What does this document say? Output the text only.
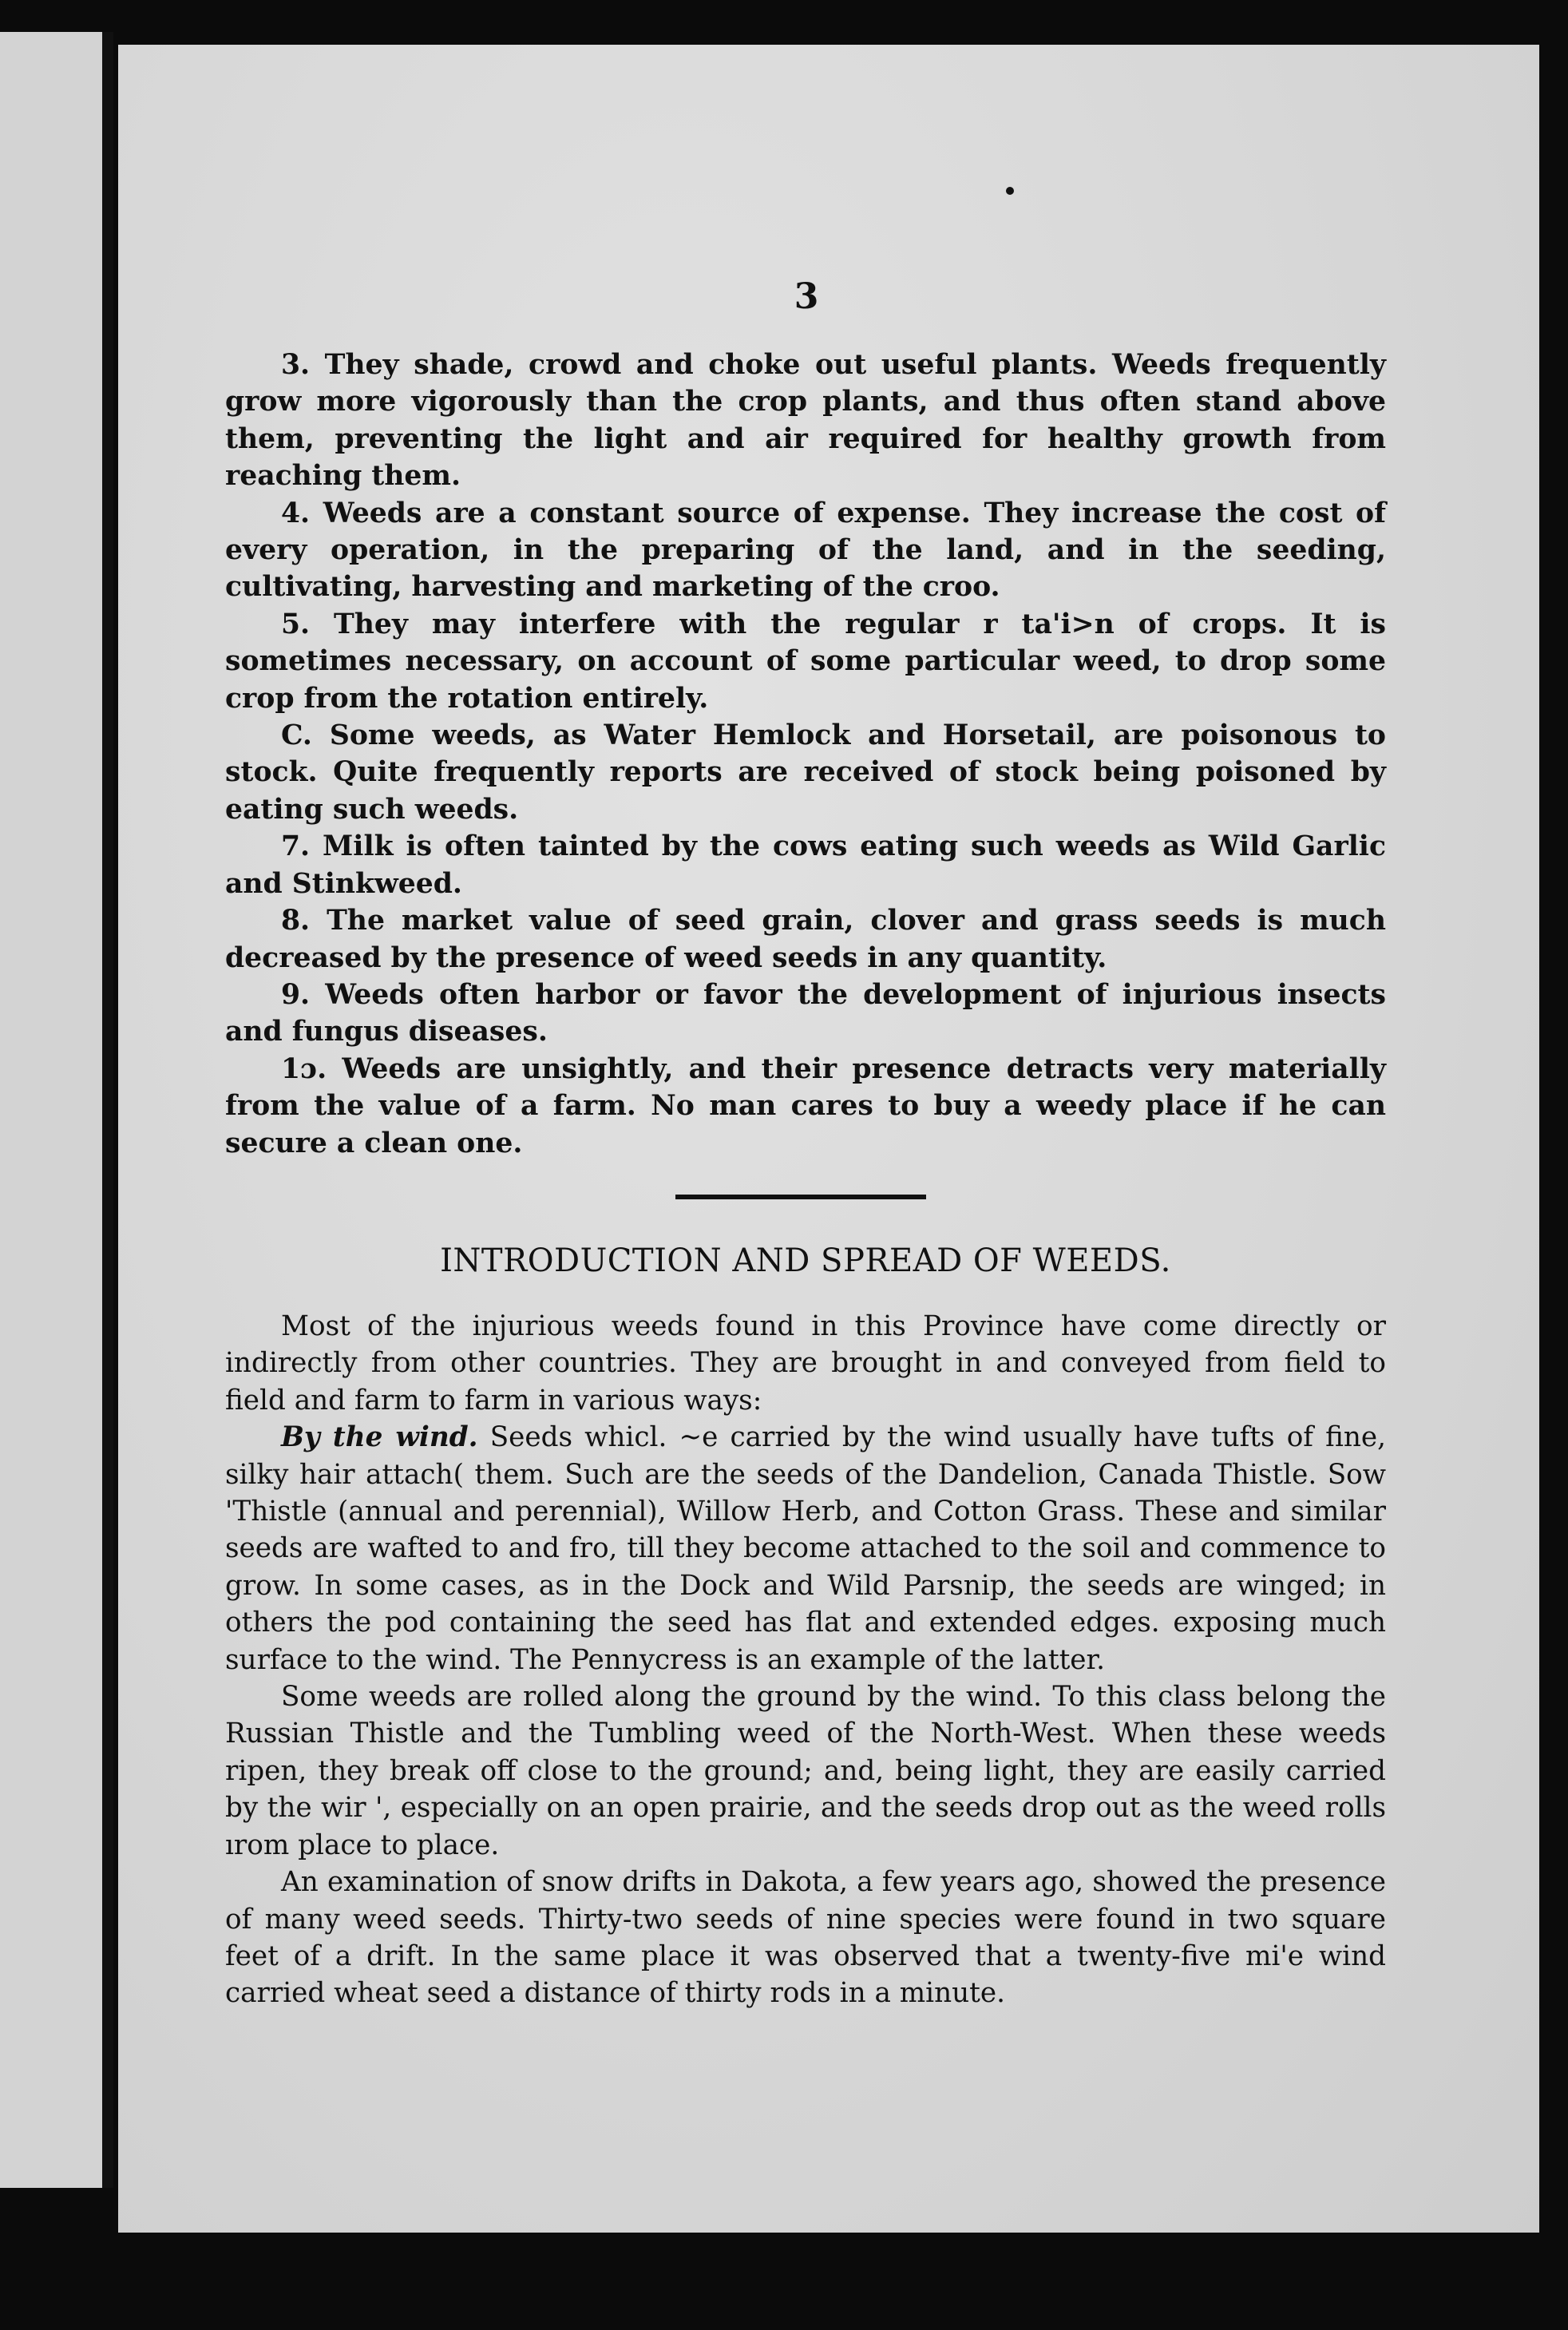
3

3. They shade, crowd and choke out useful plants. Weeds frequently grow more vigorously than the crop plants, and thus often stand above them, preventing the light and air required for healthy growth from reaching them.

4. Weeds are a constant source of expense. They increase the cost of every operation, in the preparing of the land, and in the seeding, cultivating, harvesting and marketing of the croo.

5. They may interfere with the regular r ta'i>n of crops. It is sometimes necessary, on account of some particular weed, to drop some crop from the rotation entirely.

C. Some weeds, as Water Hemlock and Horsetail, are poisonous to stock. Quite frequently reports are received of stock being poisoned by eating such weeds.

7. Milk is often tainted by the cows eating such weeds as Wild Garlic and Stinkweed.

8. The market value of seed grain, clover and grass seeds is much decreased by the presence of weed seeds in any quantity.

9. Weeds often harbor or favor the development of injurious insects and fungus diseases.

1ɔ. Weeds are unsightly, and their presence detracts very materially from the value of a farm. No man cares to buy a weedy place if he can secure a clean one.

INTRODUCTION AND SPREAD OF WEEDS.

Most of the injurious weeds found in this Province have come directly or indirectly from other countries. They are brought in and conveyed from field to field and farm to farm in various ways:

By the wind. Seeds whicl. ~e carried by the wind usually have tufts of fine, silky hair attach( them. Such are the seeds of the Dandelion, Canada Thistle. Sow 'Thistle (annual and perennial), Willow Herb, and Cotton Grass. These and similar seeds are wafted to and fro, till they become attached to the soil and commence to grow. In some cases, as in the Dock and Wild Parsnip, the seeds are winged; in others the pod containing the seed has flat and extended edges. exposing much surface to the wind. The Pennycress is an example of the latter.

Some weeds are rolled along the ground by the wind. To this class belong the Russian Thistle and the Tumbling weed of the North-West. When these weeds ripen, they break off close to the ground; and, being light, they are easily carried by the wir ', especially on an open prairie, and the seeds drop out as the weed rolls ırom place to place.

An examination of snow drifts in Dakota, a few years ago, showed the presence of many weed seeds. Thirty-two seeds of nine species were found in two square feet of a drift. In the same place it was observed that a twenty-five mi'e wind carried wheat seed a distance of thirty rods in a minute.
